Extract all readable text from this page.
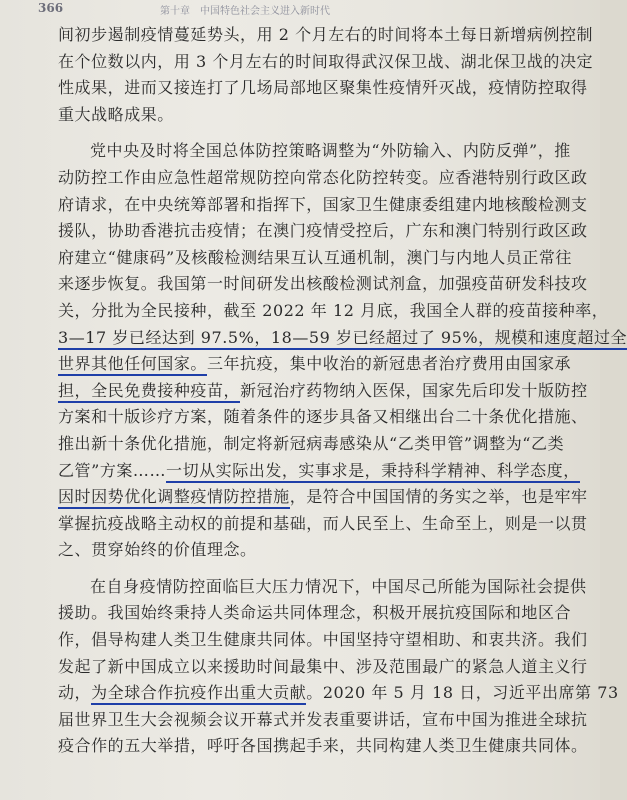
366	第十章　中国特色社会主义进入新时代
间初步遏制疫情蔓延势头，用 2 个月左右的时间将本土每日新增病例控制
在个位数以内，用 3 个月左右的时间取得武汉保卫战、湖北保卫战的决定
性成果，进而又接连打了几场局部地区聚集性疫情歼灭战，疫情防控取得
重大战略成果。
党中央及时将全国总体防控策略调整为“外防输入、内防反弹”，推
动防控工作由应急性超常规防控向常态化防控转变。应香港特别行政区政
府请求，在中央统筹部署和指挥下，国家卫生健康委组建内地核酸检测支
援队，协助香港抗击疫情；在澳门疫情受控后，广东和澳门特别行政区政
府建立“健康码”及核酸检测结果互认互通机制，澳门与内地人员正常往
来逐步恢复。我国第一时间研发出核酸检测试剂盒，加强疫苗研发科技攻
关，分批为全民接种，截至 2022 年 12 月底，我国全人群的疫苗接种率，
3—17 岁已经达到 97.5%，18—59 岁已经超过了 95%，规模和速度超过全
世界其他任何国家。三年抗疫，集中收治的新冠患者治疗费用由国家承
担，全民免费接种疫苗，新冠治疗药物纳入医保，国家先后印发十版防控
方案和十版诊疗方案，随着条件的逐步具备又相继出台二十条优化措施、
推出新十条优化措施，制定将新冠病毒感染从“乙类甲管”调整为“乙类
乙管”方案……一切从实际出发，实事求是，秉持科学精神、科学态度，
因时因势优化调整疫情防控措施，是符合中国国情的务实之举，也是牢牢
掌握抗疫战略主动权的前提和基础，而人民至上、生命至上，则是一以贯
之、贯穿始终的价值理念。
在自身疫情防控面临巨大压力情况下，中国尽己所能为国际社会提供
援助。我国始终秉持人类命运共同体理念，积极开展抗疫国际和地区合
作，倡导构建人类卫生健康共同体。中国坚持守望相助、和衷共济。我们
发起了新中国成立以来援助时间最集中、涉及范围最广的紧急人道主义行
动，为全球合作抗疫作出重大贡献。2020 年 5 月 18 日，习近平出席第 73
届世界卫生大会视频会议开幕式并发表重要讲话，宣布中国为推进全球抗
疫合作的五大举措，呼吁各国携起手来，共同构建人类卫生健康共同体。
